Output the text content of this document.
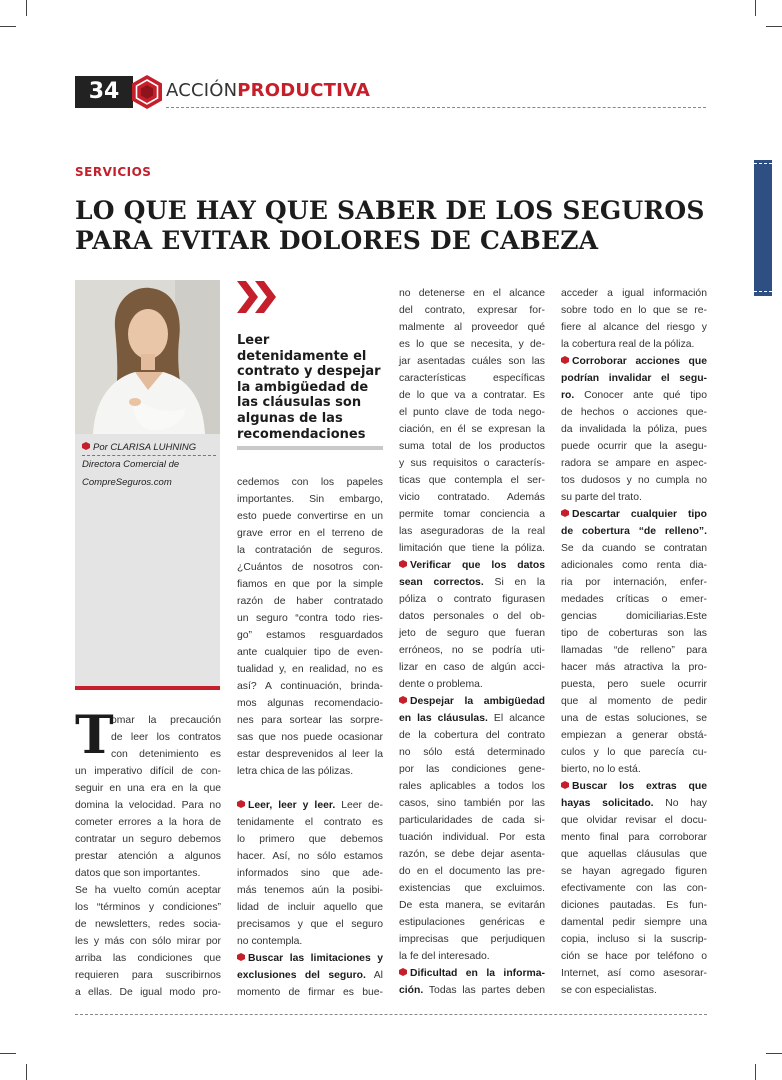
34	ACCIÓNPRODUCTIVA
SERVICIOS
LO QUE HAY QUE SABER DE LOS SEGUROS PARA EVITAR DOLORES DE CABEZA
Por CLARISA LUHNING
Directora Comercial de
CompreSeguros.com
Leer detenidamente el contrato y despejar la ambigüedad de las cláusulas son algunas de las recomendaciones
omar la precaución
de leer los contratos
con detenimiento es
un imperativo difícil de con-
seguir en una era en la que
domina la velocidad. Para no
cometer errores a la hora de
contratar un seguro debemos
prestar atención a algunos
datos que son importantes.
Se ha vuelto común aceptar
los “términos y condiciones”
de newsletters, redes socia-
les y más con sólo mirar por
arriba las condiciones que
requieren para suscribirnos
a ellas. De igual modo pro-
T
cedemos con los papeles
importantes. Sin embargo,
esto puede convertirse en un
grave error en el terreno de
la contratación de seguros.
¿Cuántos de nosotros con-
fiamos en que por la simple
razón de haber contratado
un seguro “contra todo ries-
go” estamos resguardados
ante cualquier tipo de even-
tualidad y, en realidad, no es
así? A continuación, brinda-
mos algunas recomendacio-
nes para sortear las sorpre-
sas que nos puede ocasionar
estar desprevenidos al leer la
letra chica de las pólizas.
Leer, leer y leer. Leer de-
tenidamente el contrato es
lo primero que debemos
hacer. Así, no sólo estamos
informados sino que ade-
más tenemos aún la posibi-
lidad de incluir aquello que
precisamos y que el seguro
no contempla.
Buscar las limitaciones y
exclusiones del seguro. Al
momento de firmar es bue-
no detenerse en el alcance
del contrato, expresar for-
malmente al proveedor qué
es lo que se necesita, y de-
jar asentadas cuáles son las
características específicas
de lo que va a contratar. Es
el punto clave de toda nego-
ciación, en él se expresan la
suma total de los productos
y sus requisitos o caracterís-
ticas que contempla el ser-
vicio contratado. Además
permite tomar conciencia a
las aseguradoras de la real
limitación que tiene la póliza.
Verificar que los datos
sean correctos. Si en la
póliza o contrato figurasen
datos personales o del ob-
jeto de seguro que fueran
erróneos, no se podría uti-
lizar en caso de algún acci-
dente o problema.
Despejar la ambigüedad
en las cláusulas. El alcance
de la cobertura del contrato
no sólo está determinado
por las condiciones gene-
rales aplicables a todos los
casos, sino también por las
particularidades de cada si-
tuación individual. Por esta
razón, se debe dejar asenta-
do en el documento las pre-
existencias que excluimos.
De esta manera, se evitarán
estipulaciones genéricas e
imprecisas que perjudiquen
la fe del interesado.
Dificultad en la informa-
ción. Todas las partes deben
acceder a igual información
sobre todo en lo que se re-
fiere al alcance del riesgo y
la cobertura real de la póliza.
Corroborar acciones que
podrían invalidar el segu-
ro. Conocer ante qué tipo
de hechos o acciones que-
da invalidada la póliza, pues
puede ocurrir que la asegu-
radora se ampare en aspec-
tos dudosos y no cumpla no
su parte del trato.
Descartar cualquier tipo
de cobertura “de relleno”.
Se da cuando se contratan
adicionales como renta dia-
ria por internación, enfer-
medades críticas o emer-
gencias domiciliarias.Este
tipo de coberturas son las
llamadas “de relleno” para
hacer más atractiva la pro-
puesta, pero suele ocurrir
que al momento de pedir
una de estas soluciones, se
empiezan a generar obstá-
culos y lo que parecía cu-
bierto, no lo está.
Buscar los extras que
hayas solicitado. No hay
que olvidar revisar el docu-
mento final para corroborar
que aquellas cláusulas que
se hayan agregado figuren
efectivamente con las con-
diciones pautadas. Es fun-
damental pedir siempre una
copia, incluso si la suscrip-
ción se hace por teléfono o
Internet, así como asesorar-
se con especialistas.
